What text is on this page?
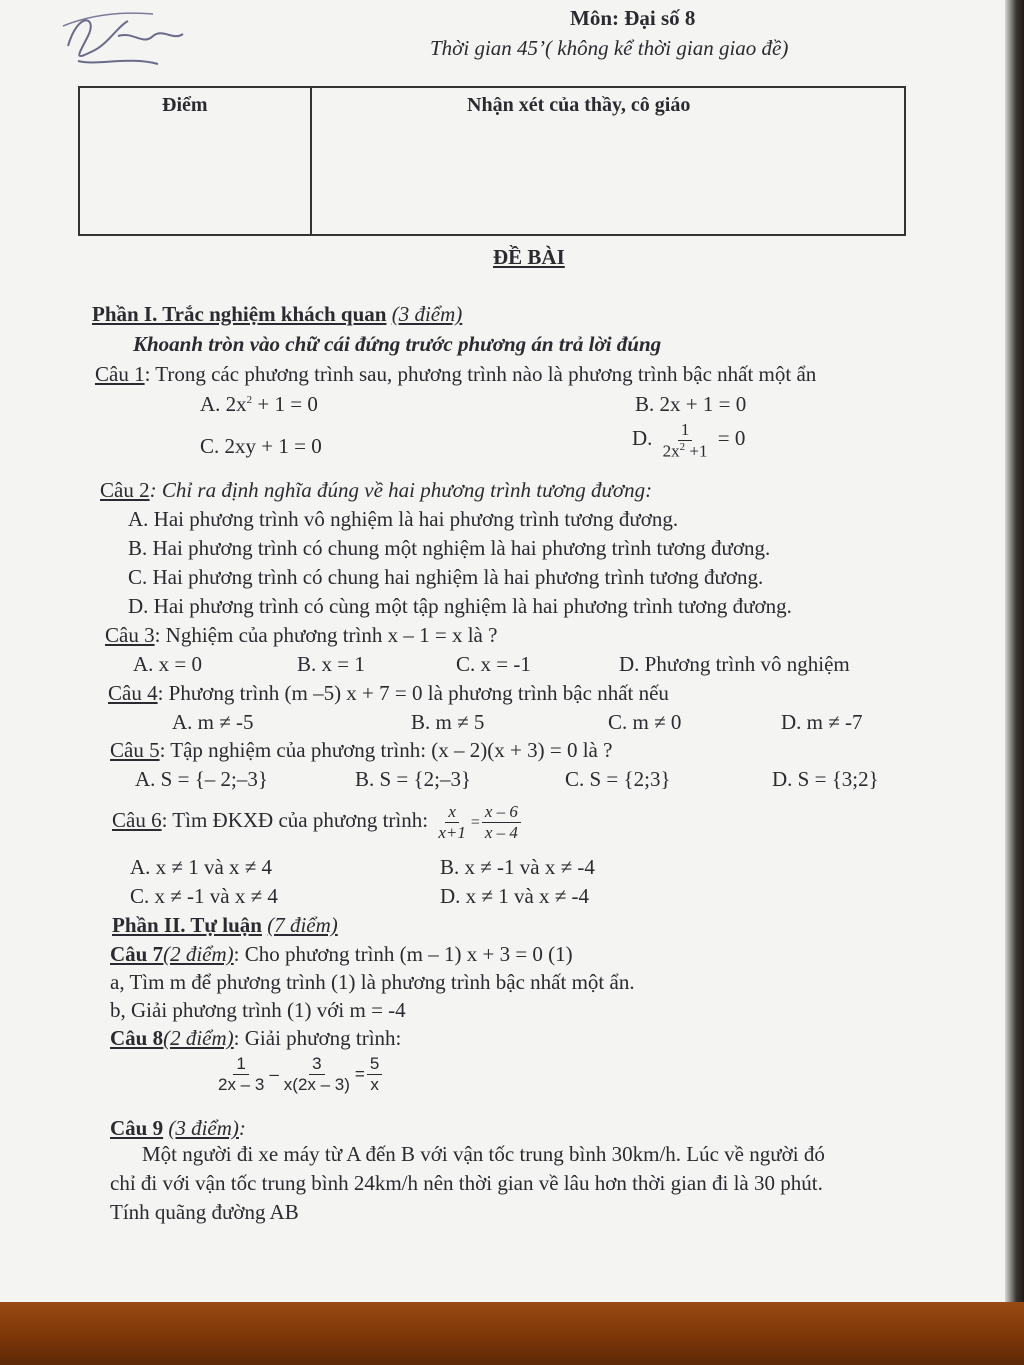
Môn: Đại số 8
Thời gian 45’( không kể thời gian giao đề)
Điểm	Nhận xét của thầy, cô giáo
ĐỀ BÀI
Phần I. Trắc nghiệm khách quan (3 điểm)
Khoanh tròn vào chữ cái đứng trước phương án trả lời đúng
Câu 1: Trong các phương trình sau, phương trình nào là phương trình bậc nhất một ẩn
A. $2x^2 + 1 = 0$	B. 2x + 1 = 0
C. 2xy + 1 = 0	D. $\frac{1}{2x^2 +1} = 0$
Câu 2: Chỉ ra định nghĩa đúng về hai phương trình tương đương:
A. Hai phương trình vô nghiệm là hai phương trình tương đương.
B. Hai phương trình có chung một nghiệm là hai phương trình tương đương.
C. Hai phương trình có chung hai nghiệm là hai phương trình tương đương.
D. Hai phương trình có cùng một tập nghiệm là hai phương trình tương đương.
Câu 3: Nghiệm của phương trình x – 1 = x là ?
A. x = 0	B. x = 1	C. x = -1	D. Phương trình vô nghiệm
Câu 4: Phương trình (m –5) x + 7 = 0 là phương trình bậc nhất nếu
A. m ≠ -5	B. m ≠ 5	C. m ≠ 0	D. m ≠ -7
Câu 5: Tập nghiệm của phương trình: (x – 2)(x + 3) = 0 là ?
A. S = {– 2;–3}	B. S = {2;–3}	C. S = {2;3}	D. S = {3;2}
Câu 6: Tìm ĐKXĐ của phương trình: $\frac{x}{x+1} = \frac{x - 6}{x - 4}$
A. x ≠ 1 và x ≠ 4	B. x ≠ -1 và x ≠ -4
C. x ≠ -1 và x ≠ 4	D. x ≠ 1 và x ≠ -4
Phần II. Tự luận (7 điểm)
Câu 7(2 điểm): Cho phương trình (m – 1) x + 3 = 0 (1)
a, Tìm m để phương trình (1) là phương trình bậc nhất một ẩn.
b, Giải phương trình (1) với m = -4
Câu 8(2 điểm): Giải phương trình:
$\frac{1}{2x - 3} - \frac{3}{x(2x - 3)} = \frac{5}{x}$
Câu 9 (3 điểm):
Một người đi xe máy từ A đến B với vận tốc trung bình 30km/h. Lúc về người đó
chỉ đi với vận tốc trung bình 24km/h nên thời gian về lâu hơn thời gian đi là 30 phút.
Tính quãng đường AB
